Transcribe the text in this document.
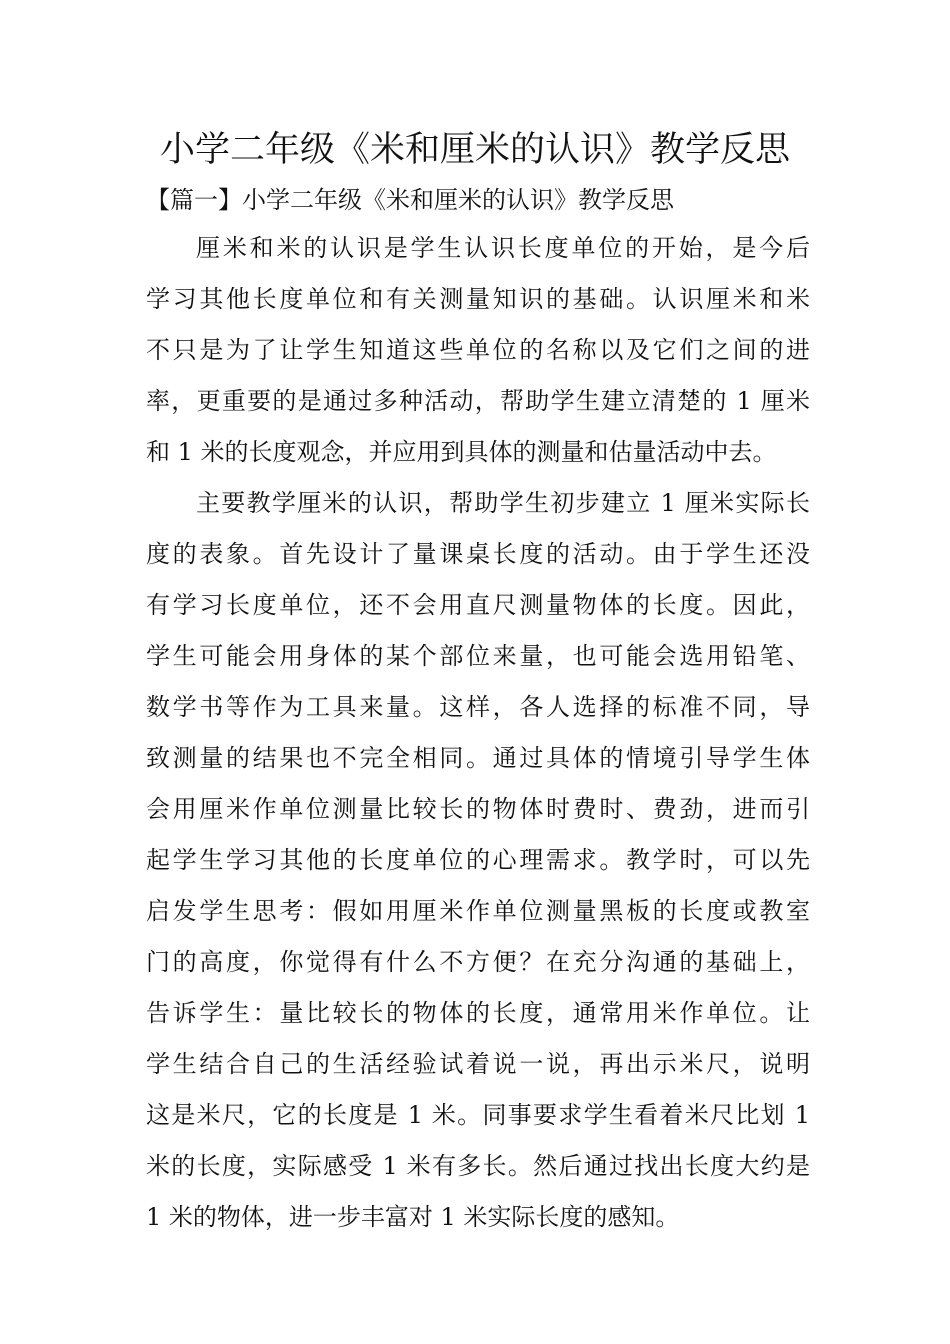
小学二年级《米和厘米的认识》教学反思
【篇一】小学二年级《米和厘米的认识》教学反思
厘米和米的认识是学生认识长度单位的开始，是今后
学习其他长度单位和有关测量知识的基础。认识厘米和米
不只是为了让学生知道这些单位的名称以及它们之间的进
率，更重要的是通过多种活动，帮助学生建立清楚的 1 厘米
和 1 米的长度观念，并应用到具体的测量和估量活动中去。
主要教学厘米的认识，帮助学生初步建立 1 厘米实际长
度的表象。首先设计了量课桌长度的活动。由于学生还没
有学习长度单位，还不会用直尺测量物体的长度。因此，
学生可能会用身体的某个部位来量，也可能会选用铅笔、
数学书等作为工具来量。这样，各人选择的标准不同，导
致测量的结果也不完全相同。通过具体的情境引导学生体
会用厘米作单位测量比较长的物体时费时、费劲，进而引
起学生学习其他的长度单位的心理需求。教学时，可以先
启发学生思考：假如用厘米作单位测量黑板的长度或教室
门的高度，你觉得有什么不方便？在充分沟通的基础上，
告诉学生：量比较长的物体的长度，通常用米作单位。让
学生结合自己的生活经验试着说一说，再出示米尺，说明
这是米尺，它的长度是 1 米。同事要求学生看着米尺比划 1
米的长度，实际感受 1 米有多长。然后通过找出长度大约是
1 米的物体，进一步丰富对 1 米实际长度的感知。
